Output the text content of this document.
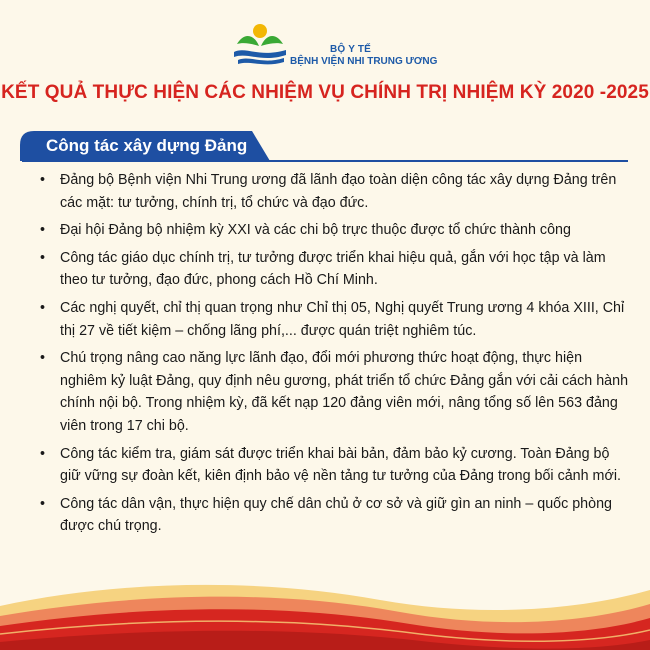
BỘ Y TẾ
BỆNH VIỆN NHI TRUNG ƯƠNG
KẾT QUẢ THỰC HIỆN CÁC NHIỆM VỤ CHÍNH TRỊ NHIỆM KỲ 2020 -2025
Công tác xây dựng Đảng
• Đảng bộ Bệnh viện Nhi Trung ương đã lãnh đạo toàn diện công tác xây dựng Đảng trên các mặt: tư tưởng, chính trị, tổ chức và đạo đức.
• Đại hội Đảng bộ nhiệm kỳ XXI và các chi bộ trực thuộc được tổ chức thành công
• Công tác giáo dục chính trị, tư tưởng được triển khai hiệu quả, gắn với học tập và làm theo tư tưởng, đạo đức, phong cách Hồ Chí Minh.
• Các nghị quyết, chỉ thị quan trọng như Chỉ thị 05, Nghị quyết Trung ương 4 khóa XIII, Chỉ thị 27 về tiết kiệm – chống lãng phí,... được quán triệt nghiêm túc.
• Chú trọng nâng cao năng lực lãnh đạo, đổi mới phương thức hoạt động, thực hiện nghiêm kỷ luật Đảng, quy định nêu gương, phát triển tổ chức Đảng gắn với cải cách hành chính nội bộ. Trong nhiệm kỳ, đã kết nạp 120 đảng viên mới, nâng tổng số lên 563 đảng viên trong 17 chi bộ.
• Công tác kiểm tra, giám sát được triển khai bài bản, đảm bảo kỷ cương. Toàn Đảng bộ giữ vững sự đoàn kết, kiên định bảo vệ nền tảng tư tưởng của Đảng trong bối cảnh mới.
• Công tác dân vận, thực hiện quy chế dân chủ ở cơ sở và giữ gìn an ninh – quốc phòng được chú trọng.
